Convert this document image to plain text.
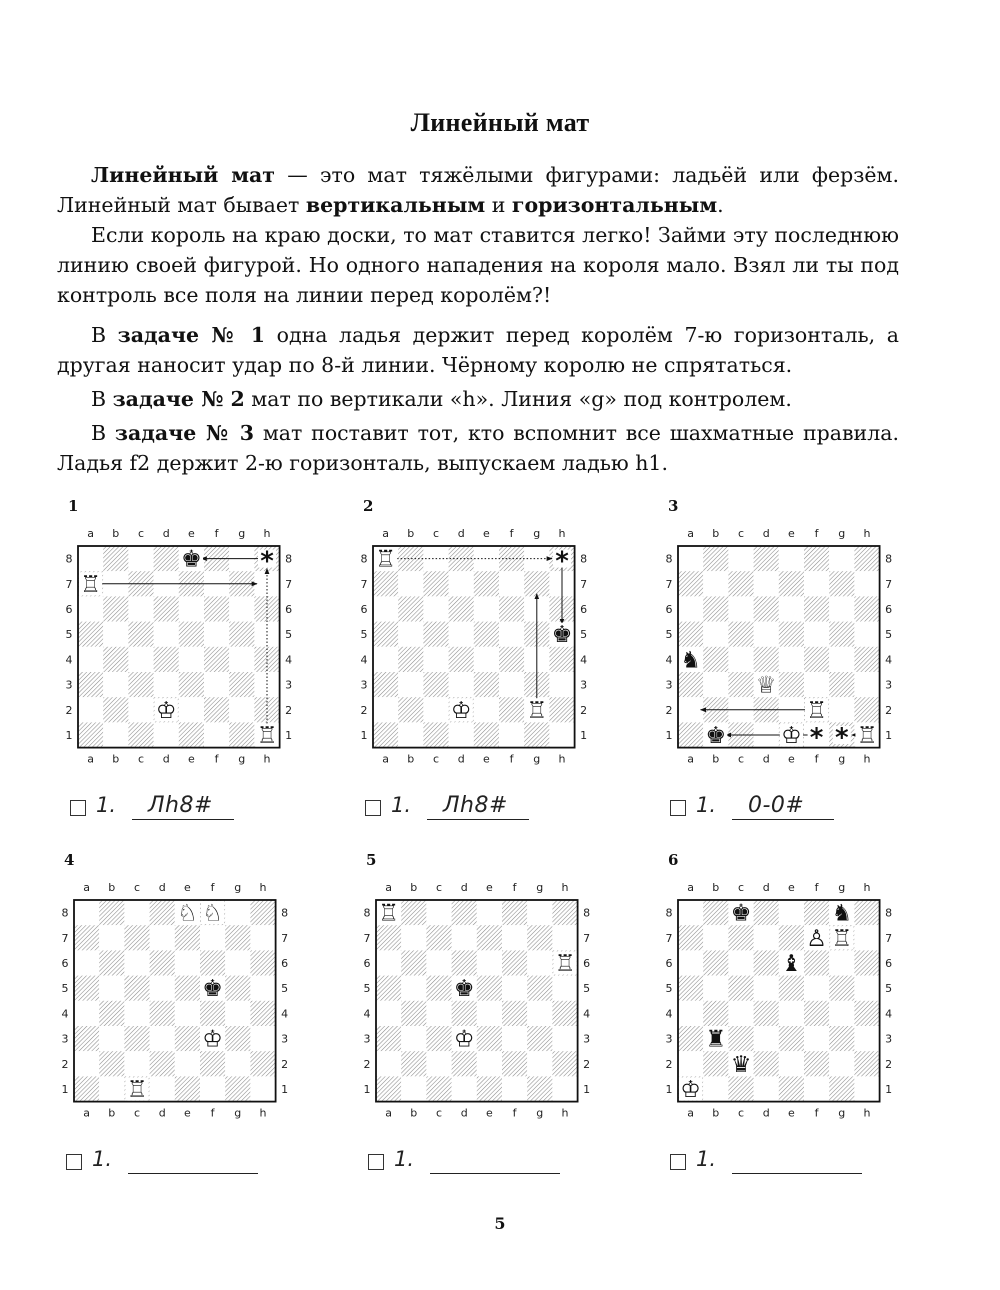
Линейный мат

Линейный мат — это мат тяжёлыми фигурами: ладьёй или ферзём. Линейный мат бывает вертикальным и горизонтальным.

Если король на краю доски, то мат ставится легко! Займи эту последнюю линию своей фигурой. Но одного нападения на короля мало. Взял ли ты под контроль все поля на линии перед королём?!

В задаче № 1 одна ладья держит перед королём 7-ю горизонталь, а другая наносит удар по 8-й линии. Чёрному королю не спрятаться.

В задаче № 2 мат по вертикали «h». Линия «g» под контролем.

В задаче № 3 мат поставит тот, кто вспомнит все шахматные правила. Ладья f2 держит 2-ю горизонталь, выпускаем ладью h1.

1
a
a
b
b
c
c
d
d
e
e
f
f
g
g
h
h
8	8
7	7
6	6
5	5
4	4
3	3
2	2
1	1
*
♚
♖
♔
♖
1. Лh8#
2
a
a
b
b
c
c
d
d
e
e
f
f
g
g
h
h
8	8
7	7
6	6
5	5
4	4
3	3
2	2
1	1
*
♖
♚
♔ ♖
1. Лh8#
3
a
a
b
b
c
c
d
d
e
e
f
f
g
g
h
h
8	8
7	7
6	6
5	5
4	4
3	3
2	2
1	1
* *
♞
♕
♖
♚ ♔ ♖
1. 0-0#
4
a
a
b
b
c
c
d
d
e
e
f
f
g
g
h
h
8	8
7	7
6	6
5	5
4	4
3	3
2	2
1	1
♘ ♘
♚
♔
♖
1.
5
a
a
b
b
c
c
d
d
e
e
f
f
g
g
h
h
8	8
7	7
6	6
5	5
4	4
3	3
2	2
1	1
♖
♖
♚
♔
1.
6
a
a
b
b
c
c
d
d
e
e
f
f
g
g
h
h
8	8
7	7
6	6
5	5
4	4
3	3
2	2
1	1
♚	♞
♙ ♖
♝
♜
♛
♔
1.
5
